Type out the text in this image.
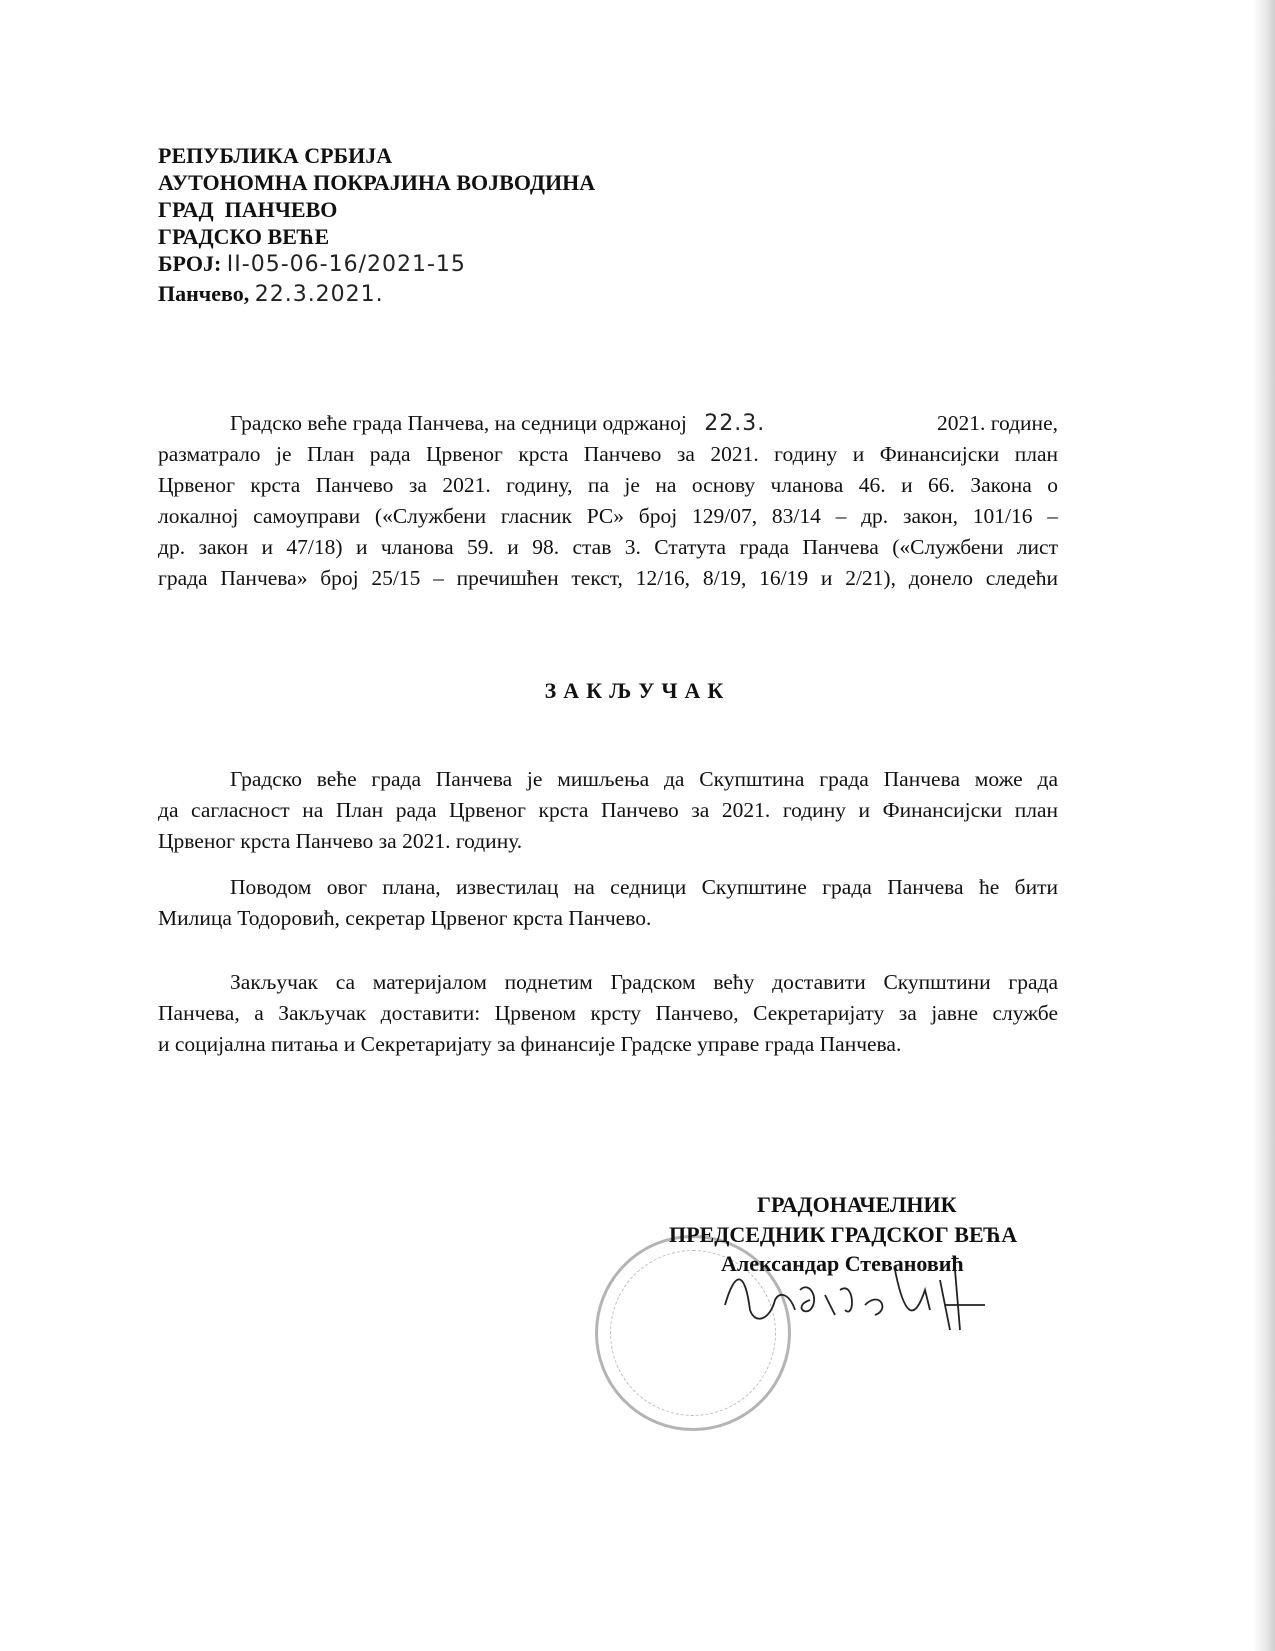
РЕПУБЛИКА СРБИЈА
АУТОНОМНА ПОКРАЈИНА ВОЈВОДИНА
ГРАД  ПАНЧЕВО
ГРАДСКО ВЕЋЕ
БРОЈ: II-05-06-16/2021-15
Панчево, 22.3.2021.
Градско веће града Панчева, на седници одржаној 22.3.	2021. године,
разматрало је План рада Црвеног крста Панчево за 2021. годину и Финансијски план
Црвеног крста Панчево за 2021. годину, па је на основу чланова 46. и 66. Закона о
локалној самоуправи («Службени гласник РС» број 129/07, 83/14 – др. закон, 101/16 –
др. закон и 47/18) и чланова 59. и 98. став 3. Статута града Панчева («Службени лист
града Панчева» број 25/15 – пречишћен текст, 12/16, 8/19, 16/19 и 2/21), донело следећи
ЗАКЉУЧАК
Градско веће града Панчева је мишљења да Скупштина града Панчева може да
да сагласност на План рада Црвеног крста Панчево за 2021. годину и Финансијски план
Црвеног крста Панчево за 2021. годину.
Поводом овог плана, известилац на седници Скупштине града Панчева ће бити
Милица Тодоровић, секретар Црвеног крста Панчево.
Закључак са материјалом поднетим Градском већу доставити Скупштини града
Панчева, а Закључак доставити: Црвеном крсту Панчево, Секретаријату за јавне службе
и социјална питања и Секретаријату за финансије Градске управе града Панчева.
ГРАДОНАЧЕЛНИК
ПРЕДСЕДНИК ГРАДСКОГ ВЕЋА
Александар Стевановић
